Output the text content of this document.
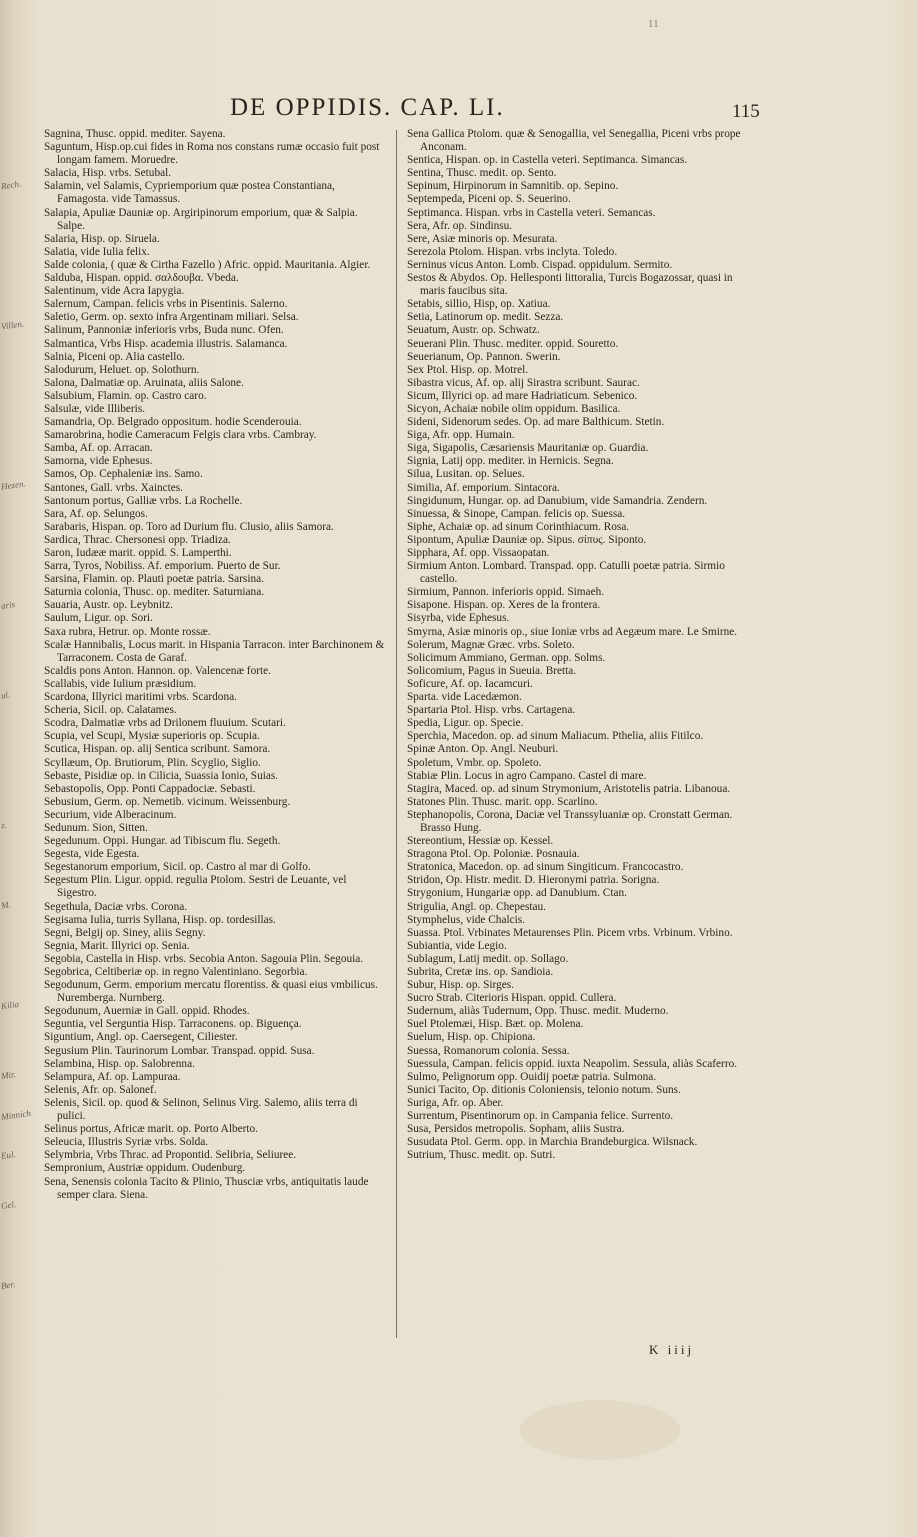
Rech.
Villen.
Hezen.
aris
ul.
z.
M.
Kilia
Mir.
Minnich
Eul.
Gel.
Ber.
11
DE OPPIDIS. CAP. LI.	115
Sagnina, Thusc. oppid. mediter. Sayena.
Saguntum, Hisp.op.cui fides in Roma nos constans rumæ occasio fuit post longam famem. Moruedre.
Salacia, Hisp. vrbs. Setubal.
Salamin, vel Salamis, Cypriemporium quæ postea Constantiana, Famagosta. vide Tamassus.
Salapia, Apuliæ Dauniæ op. Argiripinorum emporium, quæ & Salpia. Salpe.
Salaria, Hisp. op. Siruela.
Salatia, vide Iulia felix.
Salde colonia, ( quæ & Cirtha Fazello ) Afric. oppid. Mauritania. Algier.
Salduba, Hispan. oppid. σαλδουβα. Vbeda.
Salentinum, vide Acra Iapygia.
Salernum, Campan. felicis vrbs in Pisentinis. Salerno.
Saletio, Germ. op. sexto infra Argentinam miliari. Selsa.
Salinum, Pannoniæ inferioris vrbs, Buda nunc. Ofen.
Salmantica, Vrbs Hisp. academia illustris. Salamanca.
Salnia, Piceni op. Alia castello.
Salodurum, Heluet. op. Solothurn.
Salona, Dalmatiæ op. Aruinata, aliis Salone.
Salsubium, Flamin. op. Castro caro.
Salsulæ, vide Illiberis.
Samandria, Op. Belgrado oppositum. hodie Scenderouia.
Samarobrina, hodie Cameracum Felgis clara vrbs. Cambray.
Samba, Af. op. Arracan.
Samorna, vide Ephesus.
Samos, Op. Cephaleniæ ins. Samo.
Santones, Gall. vrbs. Xainctes.
Santonum portus, Galliæ vrbs. La Rochelle.
Sara, Af. op. Selungos.
Sarabaris, Hispan. op. Toro ad Durium flu. Clusio, aliis Samora.
Sardica, Thrac. Chersonesi opp. Triadiza.
Saron, Iudææ marit. oppid. S. Lamperthi.
Sarra, Tyros, Nobiliss. Af. emporium. Puerto de Sur.
Sarsina, Flamin. op. Plauti poetæ patria. Sarsina.
Saturnia colonia, Thusc. op. mediter. Saturniana.
Sauaria, Austr. op. Leybnitz.
Saulum, Ligur. op. Sori.
Saxa rubra, Hetrur. op. Monte rossæ.
Scalæ Hannibalis, Locus marit. in Hispania Tarracon. inter Barchinonem & Tarraconem. Costa de Garaf.
Scaldis pons Anton. Hannon. op. Valencenæ forte.
Scallabis, vide Iulium præsidium.
Scardona, Illyrici maritimi vrbs. Scardona.
Scheria, Sicil. op. Calatames.
Scodra, Dalmatiæ vrbs ad Drilonem fluuium. Scutari.
Scupia, vel Scupi, Mysiæ superioris op. Scupia.
Scutica, Hispan. op. alij Sentica scribunt. Samora.
Scyllæum, Op. Brutiorum, Plin. Scyglio, Siglio.
Sebaste, Pisidiæ op. in Cilicia, Suassia Ionio, Suias.
Sebastopolis, Opp. Ponti Cappadociæ. Sebasti.
Sebusium, Germ. op. Nemetib. vicinum. Weissenburg.
Securium, vide Alberacinum.
Sedunum. Sion, Sitten.
Segedunum. Oppi. Hungar. ad Tibiscum flu. Segeth.
Segesta, vide Egesta.
Segestanorum emporium, Sicil. op. Castro al mar di Golfo.
Segestum Plin. Ligur. oppid. regulia Ptolom. Sestri de Leuante, vel Sigestro.
Segethula, Daciæ vrbs. Corona.
Segisama Iulia, turris Syllana, Hisp. op. tordesillas.
Segni, Belgij op. Siney, aliis Segny.
Segnia, Marit. Illyrici op. Senia.
Segobia, Castella in Hisp. vrbs. Secobia Anton. Sagouia Plin. Segouia.
Segobrica, Celtiberiæ op. in regno Valentiniano. Segorbia.
Segodunum, Germ. emporium mercatu florentiss. & quasi eius vmbilicus. Nuremberga. Nurnberg.
Segodunum, Auerniæ in Gall. oppid. Rhodes.
Seguntia, vel Serguntia Hisp. Tarraconens. op. Biguença.
Siguntium, Angl. op. Caersegent, Ciliester.
Segusium Plin. Taurinorum Lombar. Transpad. oppid. Susa.
Selambina, Hisp. op. Salobrenna.
Selampura, Af. op. Lampuraa.
Selenis, Afr. op. Salonef.
Selenis, Sicil. op. quod & Selinon, Selinus Virg. Salemo, aliis terra di pulici.
Selinus portus, Africæ marit. op. Porto Alberto.
Seleucia, Illustris Syriæ vrbs. Solda.
Selymbria, Vrbs Thrac. ad Propontid. Selibria, Seliuree.
Sempronium, Austriæ oppidum. Oudenburg.
Sena, Senensis colonia Tacito & Plinio, Thusciæ vrbs, antiquitatis laude semper clara. Siena.
Sena Gallica Ptolom. quæ & Senogallia, vel Senegallia, Piceni vrbs prope Anconam.
Sentica, Hispan. op. in Castella veteri. Septimanca. Simancas.
Sentina, Thusc. medit. op. Sento.
Sepinum, Hirpinorum in Samnitib. op. Sepino.
Septempeda, Piceni op. S. Seuerino.
Septimanca. Hispan. vrbs in Castella veteri. Semancas.
Sera, Afr. op. Sindinsu.
Sere, Asiæ minoris op. Mesurata.
Serezola Ptolom. Hispan. vrbs inclyta. Toledo.
Serninus vicus Anton. Lomb. Cispad. oppidulum. Sermito.
Sestos & Abydos. Op. Hellesponti littoralia, Turcis Bogazossar, quasi in maris faucibus sita.
Setabis, sillio, Hisp, op. Xatiua.
Setia, Latinorum op. medit. Sezza.
Seuatum, Austr. op. Schwatz.
Seuerani Plin. Thusc. mediter. oppid. Souretto.
Seuerianum, Op. Pannon. Swerin.
Sex Ptol. Hisp. op. Motrel.
Sibastra vicus, Af. op. alij Sirastra scribunt. Saurac.
Sicum, Illyrici op. ad mare Hadriaticum. Sebenico.
Sicyon, Achaiæ nobile olim oppidum. Basilica.
Sideni, Sidenorum sedes. Op. ad mare Balthicum. Stetin.
Siga, Afr. opp. Humain.
Siga, Sigapolis, Cæsariensis Mauritaniæ op. Guardia.
Signia, Latij opp. mediter. in Hernicis. Segna.
Silua, Lusitan. op. Selues.
Similia, Af. emporium. Sintacora.
Singidunum, Hungar. op. ad Danubium, vide Samandria. Zendern.
Sinuessa, & Sinope, Campan. felicis op. Suessa.
Siphe, Achaiæ op. ad sinum Corinthiacum. Rosa.
Sipontum, Apuliæ Dauniæ op. Sipus. σίπυς. Siponto.
Sipphara, Af. opp. Vissaopatan.
Sirmium Anton. Lombard. Transpad. opp. Catulli poetæ patria. Sirmio castello.
Sirmium, Pannon. inferioris oppid. Simaeh.
Sisapone. Hispan. op. Xeres de la frontera.
Sisyrba, vide Ephesus.
Smyrna, Asiæ minoris op., siue Ioniæ vrbs ad Aegæum mare. Le Smirne.
Solerum, Magnæ Græc. vrbs. Soleto.
Solicimum Ammiano, German. opp. Solms.
Solicomium, Pagus in Sueuia. Bretta.
Soficure, Af. op. Iacamcuri.
Sparta. vide Lacedæmon.
Spartaria Ptol. Hisp. vrbs. Cartagena.
Spedia, Ligur. op. Specie.
Sperchia, Macedon. op. ad sinum Maliacum. Pthelia, aliis Fitilco.
Spinæ Anton. Op. Angl. Neuburi.
Spoletum, Vmbr. op. Spoleto.
Stabiæ Plin. Locus in agro Campano. Castel di mare.
Stagira, Maced. op. ad sinum Strymonium, Aristotelis patria. Libanoua.
Statones Plin. Thusc. marit. opp. Scarlino.
Stephanopolis, Corona, Daciæ vel Transsyluaniæ op. Cronstatt German. Brasso Hung.
Stereontium, Hessiæ op. Kessel.
Stragona Ptol. Op. Poloniæ. Posnauia.
Stratonica, Macedon. op. ad sinum Singiticum. Francocastro.
Stridon, Op. Histr. medit. D. Hieronymi patria. Sorigna.
Strygonium, Hungariæ opp. ad Danubium. Ctan.
Strigulia, Angl. op. Chepestau.
Stymphelus, vide Chalcis.
Suassa. Ptol. Vrbinates Metaurenses Plin. Picem vrbs. Vrbinum. Vrbino.
Subiantia, vide Legio.
Sublagum, Latij medit. op. Sollago.
Subrita, Cretæ ins. op. Sandioia.
Subur, Hisp. op. Sirges.
Sucro Strab. Citerioris Hispan. oppid. Cullera.
Sudernum, aliàs Tudernum, Opp. Thusc. medit. Muderno.
Suel Ptolemæi, Hisp. Bæt. op. Molena.
Suelum, Hisp. op. Chipiona.
Suessa, Romanorum colonia. Sessa.
Suessula, Campan. felicis oppid. iuxta Neapolim. Sessula, aliàs Scaferro.
Sulmo, Pelignorum opp. Ouidij poetæ patria. Sulmona.
Sunici Tacito, Op. ditionis Coloniensis, telonio notum. Suns.
Suriga, Afr. op. Aber.
Surrentum, Pisentinorum op. in Campania felice. Surrento.
Susa, Persidos metropolis. Sopham, aliis Sustra.
Susudata Ptol. Germ. opp. in Marchia Brandeburgica. Wilsnack.
Sutrium, Thusc. medit. op. Sutri.
K iiij
